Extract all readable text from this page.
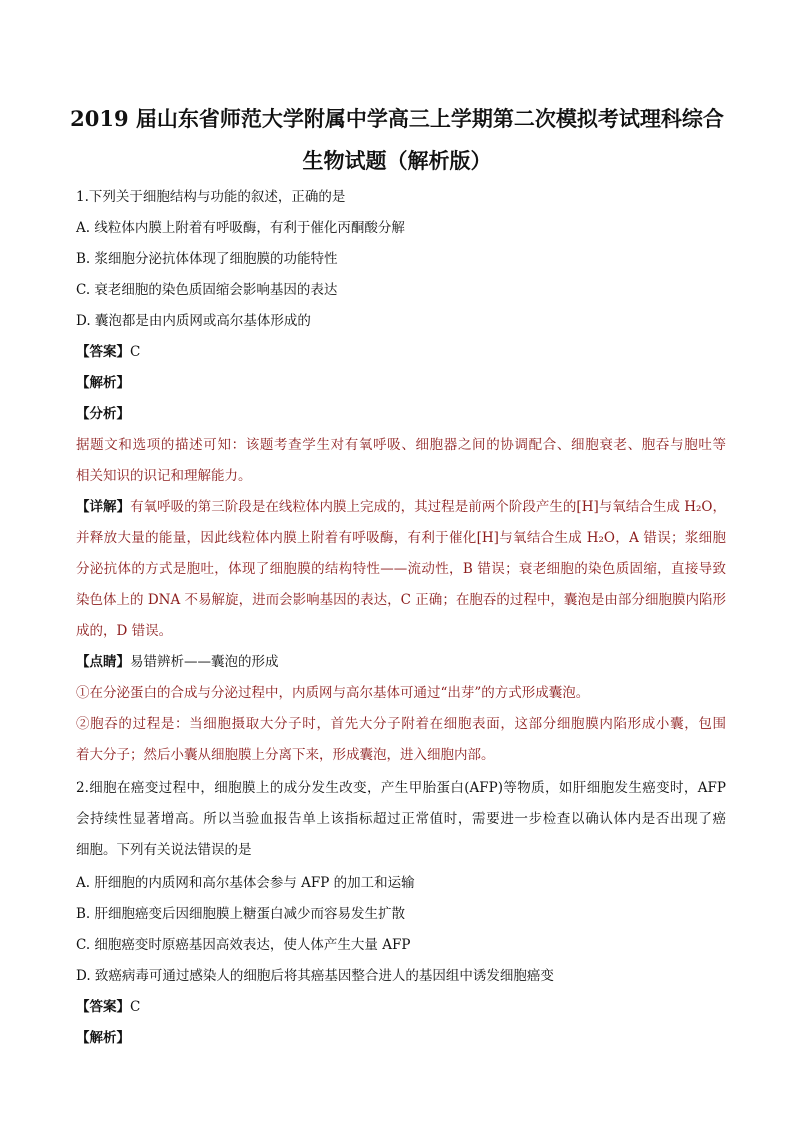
2019 届山东省师范大学附属中学高三上学期第二次模拟考试理科综合
生物试题（解析版）
1.下列关于细胞结构与功能的叙述，正确的是
A. 线粒体内膜上附着有呼吸酶，有利于催化丙酮酸分解
B. 浆细胞分泌抗体体现了细胞膜的功能特性
C. 衰老细胞的染色质固缩会影响基因的表达
D. 囊泡都是由内质网或高尔基体形成的
【答案】C
【解析】
【分析】
据题文和选项的描述可知：该题考查学生对有氧呼吸、细胞器之间的协调配合、细胞衰老、胞吞与胞吐等
相关知识的识记和理解能力。
【详解】有氧呼吸的第三阶段是在线粒体内膜上完成的，其过程是前两个阶段产生的[H]与氧结合生成 H₂O，
并释放大量的能量，因此线粒体内膜上附着有呼吸酶，有利于催化[H]与氧结合生成 H₂O，A 错误；浆细胞
分泌抗体的方式是胞吐，体现了细胞膜的结构特性——流动性，B 错误；衰老细胞的染色质固缩，直接导致
染色体上的 DNA 不易解旋，进而会影响基因的表达，C 正确；在胞吞的过程中，囊泡是由部分细胞膜内陷形
成的，D 错误。
【点睛】易错辨析——囊泡的形成
①在分泌蛋白的合成与分泌过程中，内质网与高尔基体可通过“出芽”的方式形成囊泡。
②胞吞的过程是：当细胞摄取大分子时，首先大分子附着在细胞表面，这部分细胞膜内陷形成小囊，包围
着大分子；然后小囊从细胞膜上分离下来，形成囊泡，进入细胞内部。
2.细胞在癌变过程中，细胞膜上的成分发生改变，产生甲胎蛋白(AFP)等物质，如肝细胞发生癌变时，AFP
会持续性显著增高。所以当验血报告单上该指标超过正常值时，需要进一步检查以确认体内是否出现了癌
细胞。下列有关说法错误的是
A. 肝细胞的内质网和高尔基体会参与 AFP 的加工和运输
B. 肝细胞癌变后因细胞膜上糖蛋白减少而容易发生扩散
C. 细胞癌变时原癌基因高效表达，使人体产生大量 AFP
D. 致癌病毒可通过感染人的细胞后将其癌基因整合进人的基因组中诱发细胞癌变
【答案】C
【解析】
